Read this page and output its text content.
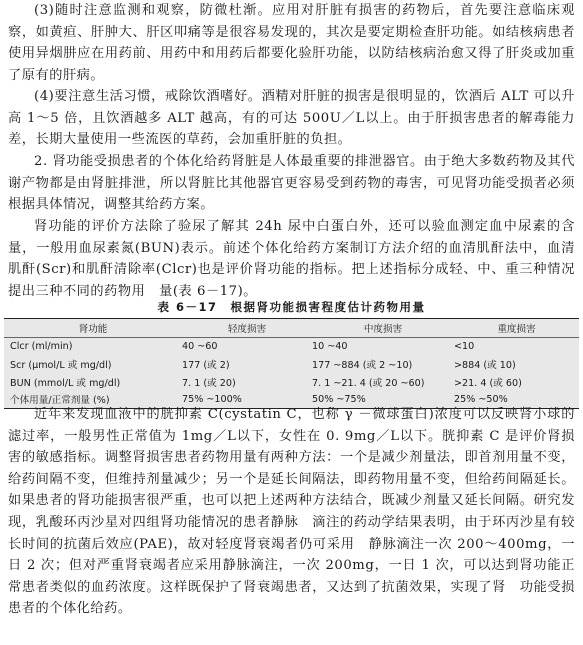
(3)随时注意监测和观察，防微杜渐。应用对肝脏有损害的药物后，首先要注意临床观察，如黄疸、肝肿大、肝区叩痛等是很容易发现的，其次是要定期检查肝功能。如结核病患者使用异烟肼应在用药前、用药中和用药后都要化验肝功能，以防结核病治愈又得了肝炎或加重了原有的肝病。

(4)要注意生活习惯，戒除饮酒嗜好。酒精对肝脏的损害是很明显的，饮酒后 ALT 可以升高 1～5 倍，且饮酒越多 ALT 越高，有的可达 500U／L以上。由于肝损害患者的解毒能力差，长期大量使用一些流医的草药，会加重肝脏的负担。

2. 肾功能受损患者的个体化给药肾脏是人体最重要的排泄器官。由于绝大多数药物及其代谢产物都是由肾脏排泄，所以肾脏比其他器官更容易受到药物的毒害，可见肾功能受损者必须根据具体情况，调整其给药方案。

肾功能的评价方法除了验尿了解其 24h 尿中白蛋白外，还可以验血测定血中尿素的含量，一般用血尿素氮(BUN)表示。前述个体化给药方案制订方法介绍的血清肌酐法中，血清肌酐(Scr)和肌酐清除率(Clcr)也是评价肾功能的指标。把上述指标分成轻、中、重三种情况提出三种不同的药物用　量(表 6－17)。

表 6－17　根据肾功能损害程度估计药物用量
肾功能	轻度损害	中度损害	重度损害
Clcr (ml/min)	40 ~60	10 ~40	<10
Scr (μmol/L 或 mg/dl)	177 (或 2)	177 ~884 (或 2 ~10)	>884 (或 10)
BUN (mmol/L 或 mg/dl)	7. 1 (或 20)	7. 1 ~21. 4 (或 20 ~60)	>21. 4 (或 60)
个体用量/正常剂量 (%)	75% ~100%	50% ~75%	25% ~50%

近年来发现血液中的胱抑素 C(cystatin C，也称 γ －微球蛋白)浓度可以反映肾小球的滤过率，一般男性正常值为 1mg／L以下，女性在 0. 9mg／L以下。胱抑素 C 是评价肾损害的敏感指标。调整肾损害患者药物用量有两种方法：一个是减少剂量法，即首剂用量不变，给药间隔不变，但维持剂量减少；另一个是延长间隔法，即药物用量不变，但给药间隔延长。如果患者的肾功能损害很严重，也可以把上述两种方法结合，既减少剂量又延长间隔。研究发现，乳酸环丙沙星对四组肾功能情况的患者静脉　滴注的药动学结果表明，由于环丙沙星有较长时间的抗菌后效应(PAE)，故对轻度肾衰竭者仍可采用　静脉滴注一次 200～400mg，一日 2 次；但对严重肾衰竭者应采用静脉滴注，一次 200mg，一日 1 次，可以达到肾功能正常患者类似的血药浓度。这样既保护了肾衰竭患者，又达到了抗菌效果，实现了肾　功能受损患者的个体化给药。
